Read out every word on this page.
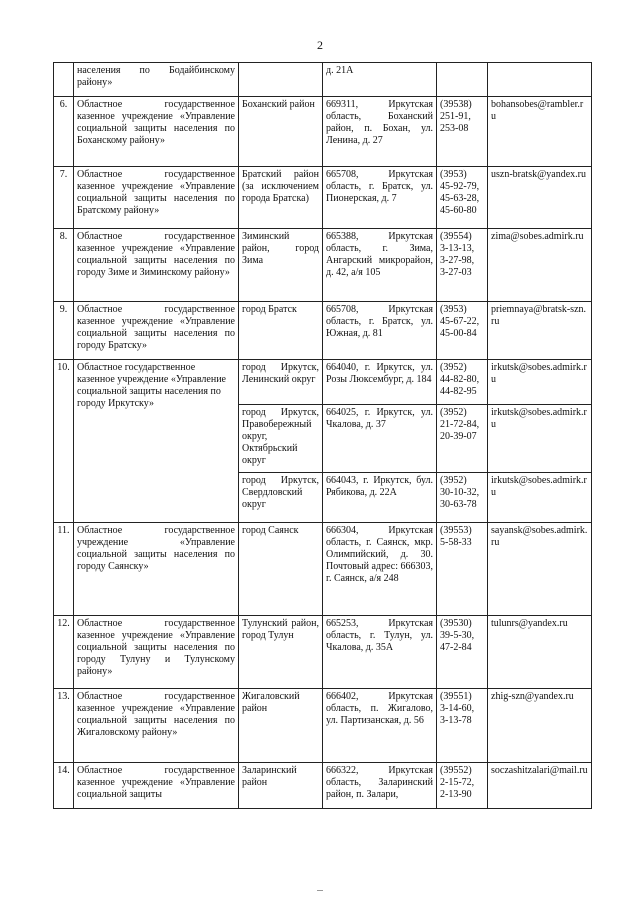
2
	населения по Бодайбинскому району»		д. 21А		
6.	Областное государственное казенное учреждение «Управление социальной защиты населения по Боханскому району»	Боханский район	669311, Иркутская область, Боханский район, п. Бохан, ул. Ленина, д. 27	(39538)
251-91,
253-08	bohansobes@rambler.ru
7.	Областное государственное казенное учреждение «Управление социальной защиты населения по Братскому району»	Братский район (за исключением города Братска)	665708, Иркутская область, г. Братск, ул. Пионерская, д. 7	(3953)
45-92-79,
45-63-28,
45-60-80	uszn-bratsk@yandex.ru
8.	Областное государственное казенное учреждение «Управление социальной защиты населения по городу Зиме и Зиминскому району»	Зиминский район, город Зима	665388, Иркутская область, г. Зима, Ангарский микрорайон, д. 42, а/я 105	(39554)
3-13-13,
3-27-98,
3-27-03	zima@sobes.admirk.ru
9.	Областное государственное казенное учреждение «Управление социальной защиты населения по городу Братску»	город Братск	665708, Иркутская область, г. Братск, ул. Южная, д. 81	(3953)
45-67-22,
45-00-84	priemnaya@bratsk-szn.ru
10.	Областное государственное казенное учреждение «Управление социальной защиты населения по городу Иркутску»	город Иркутск, Ленинский округ	664040, г. Иркутск, ул. Розы Люксембург, д. 184	(3952)
44-82-80,
44-82-95	irkutsk@sobes.admirk.ru
		город Иркутск, Правобережный округ, Октябрьский округ	664025, г. Иркутск, ул. Чкалова, д. 37	(3952)
21-72-84,
20-39-07	irkutsk@sobes.admirk.ru
		город Иркутск, Свердловский округ	664043, г. Иркутск, бул. Рябикова, д. 22А	(3952)
30-10-32,
30-63-78	irkutsk@sobes.admirk.ru
11.	Областное государственное учреждение «Управление социальной защиты населения по городу Саянску»	город Саянск	666304, Иркутская область, г. Саянск, мкр. Олимпийский, д. 30. Почтовый адрес: 666303, г. Саянск, а/я 248	(39553)
5-58-33	sayansk@sobes.admirk.ru
12.	Областное государственное казенное учреждение «Управление социальной защиты населения по городу Тулуну и Тулунскому району»	Тулунский район, город Тулун	665253, Иркутская область, г. Тулун, ул. Чкалова, д. 35А	(39530)
39-5-30,
47-2-84	tulunrs@yandex.ru
13.	Областное государственное казенное учреждение «Управление социальной защиты населения по Жигаловскому району»	Жигаловский район	666402, Иркутская область, п. Жигалово, ул. Партизанская, д. 56	(39551)
3-14-60,
3-13-78	zhig-szn@yandex.ru
14.	Областное государственное казенное учреждение «Управление социальной защиты	Заларинский район	666322, Иркутская область, Заларинский район, п. Залари,	(39552)
2-15-72,
2-13-90	soczashitzalari@mail.ru
